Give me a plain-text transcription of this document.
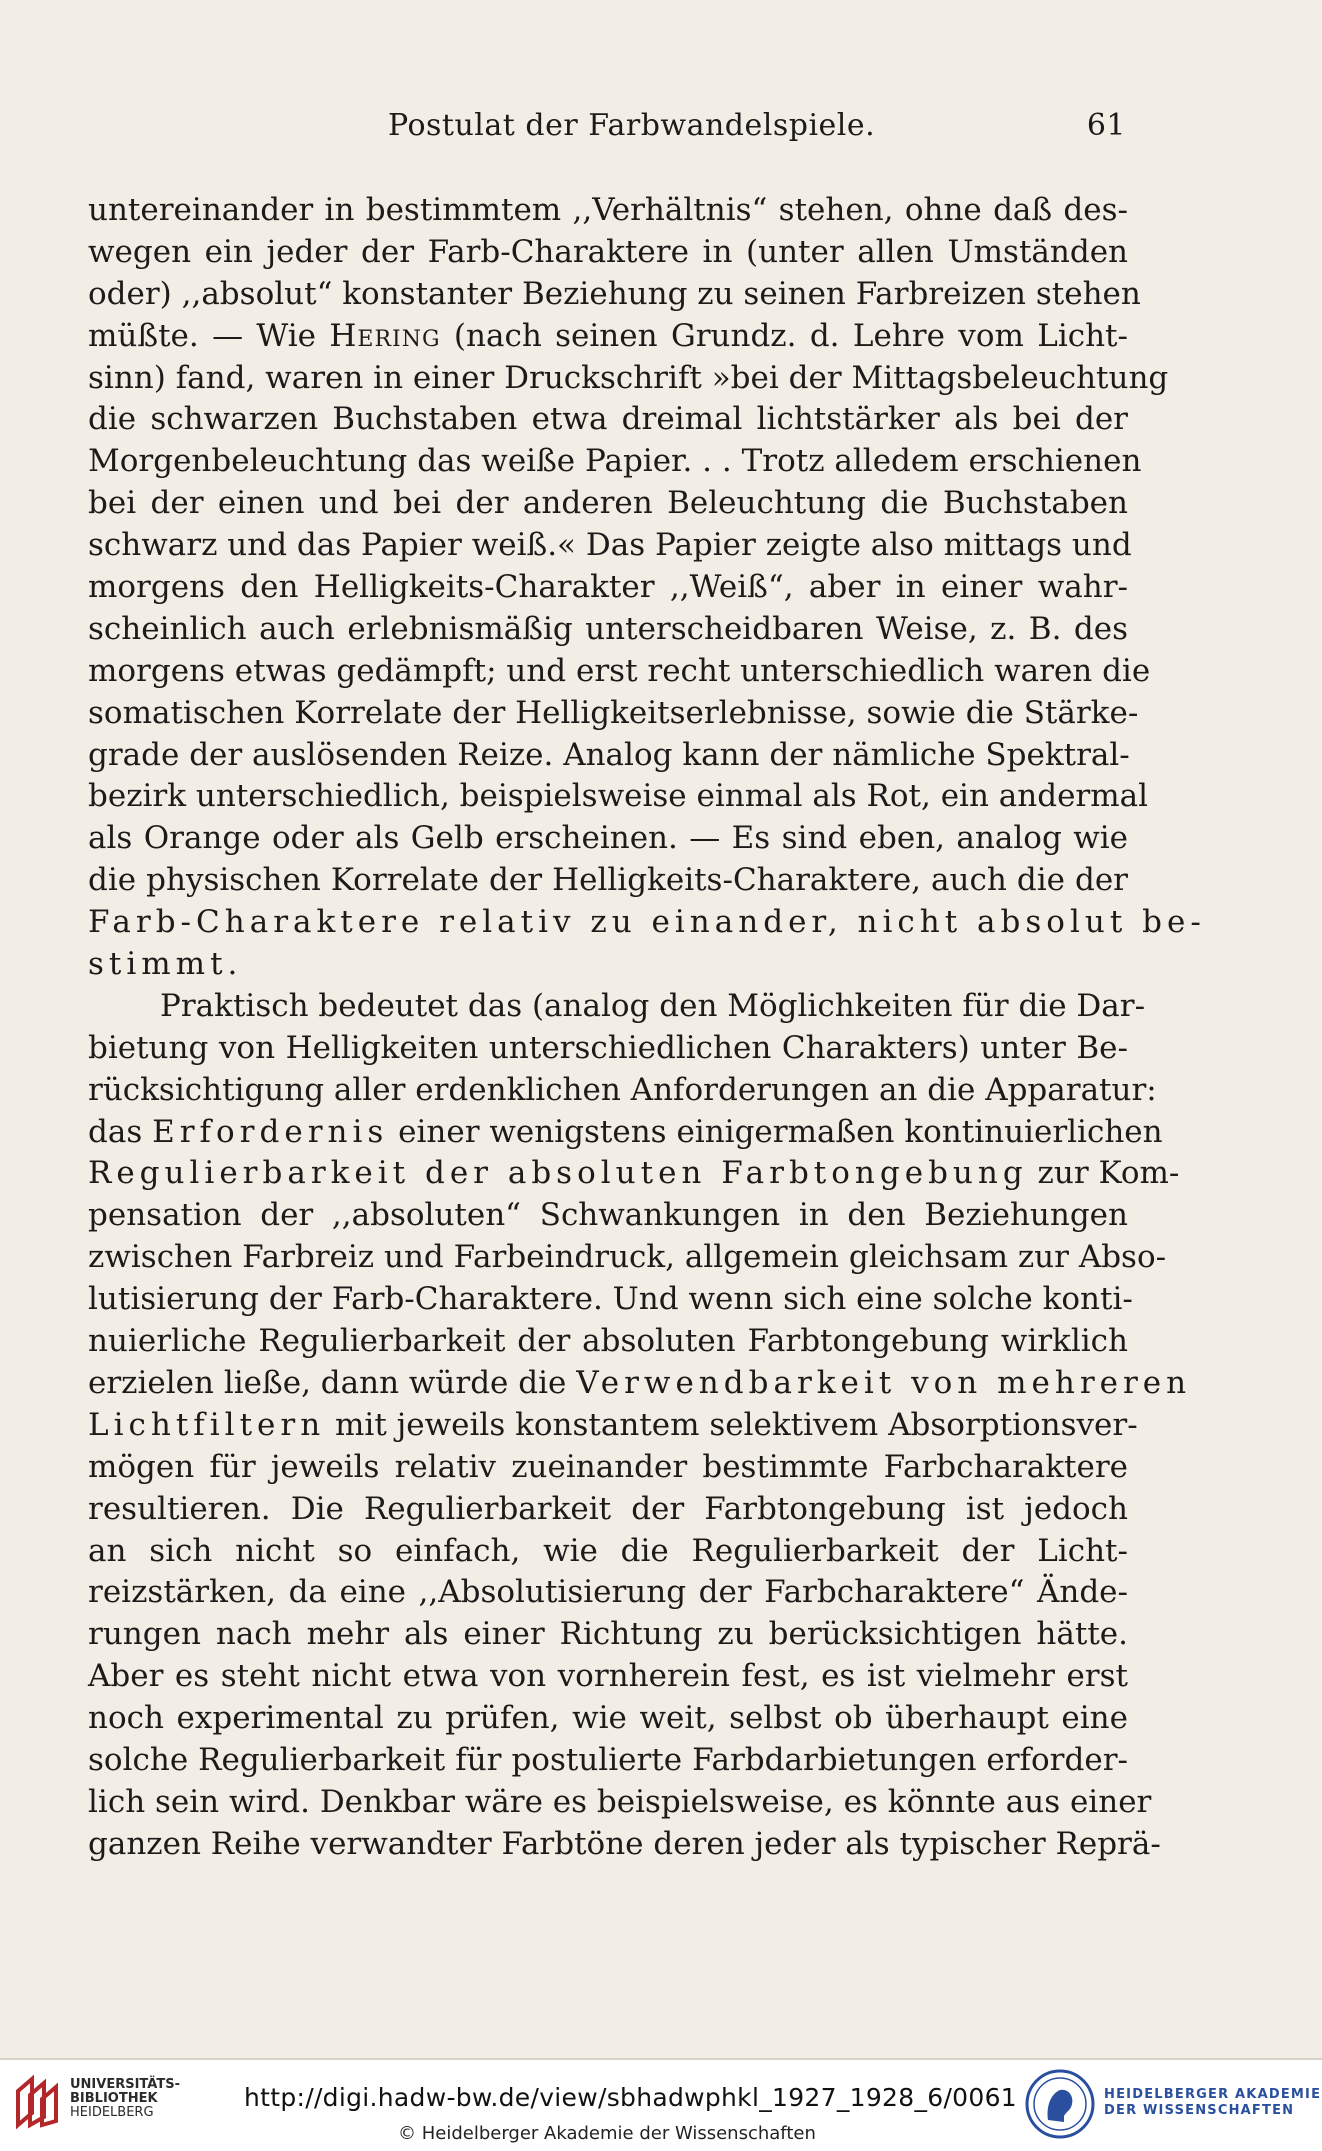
Postulat der Farbwandelspiele.	61
untereinander in bestimmtem ,,Verhältnis“ stehen, ohne daß des-
wegen ein jeder der Farb-Charaktere in (unter allen Umständen
oder) ,,absolut“ konstanter Beziehung zu seinen Farbreizen stehen
müßte. — Wie Hering (nach seinen Grundz. d. Lehre vom Licht-
sinn) fand, waren in einer Druckschrift »bei der Mittagsbeleuchtung
die schwarzen Buchstaben etwa dreimal lichtstärker als bei der
Morgenbeleuchtung das weiße Papier. . . Trotz alledem erschienen
bei der einen und bei der anderen Beleuchtung die Buchstaben
schwarz und das Papier weiß.« Das Papier zeigte also mittags und
morgens den Helligkeits-Charakter ,,Weiß“, aber in einer wahr-
scheinlich auch erlebnismäßig unterscheidbaren Weise, z. B. des
morgens etwas gedämpft; und erst recht unterschiedlich waren die
somatischen Korrelate der Helligkeitserlebnisse, sowie die Stärke-
grade der auslösenden Reize. Analog kann der nämliche Spektral-
bezirk unterschiedlich, beispielsweise einmal als Rot, ein andermal
als Orange oder als Gelb erscheinen. — Es sind eben, analog wie
die physischen Korrelate der Helligkeits-Charaktere, auch die der
Farb-Charaktere relativ zu einander, nicht absolut be-
stimmt.
Praktisch bedeutet das (analog den Möglichkeiten für die Dar-
bietung von Helligkeiten unterschiedlichen Charakters) unter Be-
rücksichtigung aller erdenklichen Anforderungen an die Apparatur:
das Erfordernis einer wenigstens einigermaßen kontinuierlichen
Regulierbarkeit der absoluten Farbtongebung zur Kom-
pensation der ,,absoluten“ Schwankungen in den Beziehungen
zwischen Farbreiz und Farbeindruck, allgemein gleichsam zur Abso-
lutisierung der Farb-Charaktere. Und wenn sich eine solche konti-
nuierliche Regulierbarkeit der absoluten Farbtongebung wirklich
erzielen ließe, dann würde die Verwendbarkeit von mehreren
Lichtfiltern mit jeweils konstantem selektivem Absorptionsver-
mögen für jeweils relativ zueinander bestimmte Farbcharaktere
resultieren. Die Regulierbarkeit der Farbtongebung ist jedoch
an sich nicht so einfach, wie die Regulierbarkeit der Licht-
reizstärken, da eine ,,Absolutisierung der Farbcharaktere“ Ände-
rungen nach mehr als einer Richtung zu berücksichtigen hätte.
Aber es steht nicht etwa von vornherein fest, es ist vielmehr erst
noch experimental zu prüfen, wie weit, selbst ob überhaupt eine
solche Regulierbarkeit für postulierte Farbdarbietungen erforder-
lich sein wird. Denkbar wäre es beispielsweise, es könnte aus einer
ganzen Reihe verwandter Farbtöne deren jeder als typischer Reprä-
UNIVERSITÄTS-
BIBLIOTHEK
HEIDELBERG
http://digi.hadw-bw.de/view/sbhadwphkl_1927_1928_6/0061
© Heidelberger Akademie der Wissenschaften
HEIDELBERGER AKADEMIE
DER WISSENSCHAFTEN
